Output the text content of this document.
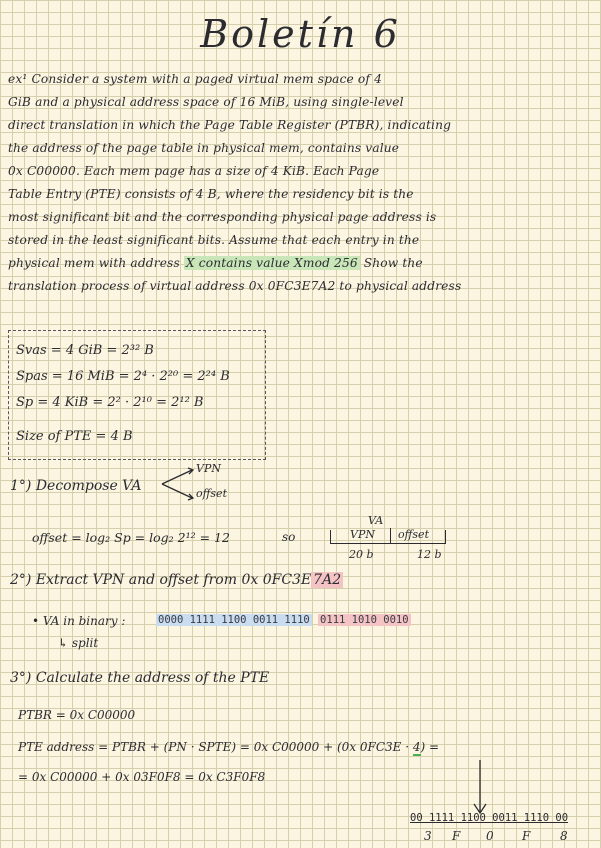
Boletín 6
ex¹ Consider a system with a paged virtual mem space of 4
GiB and a physical address space of 16 MiB, using single-level
direct translation in which the Page Table Register (PTBR), indicating
the address of the page table in physical mem, contains value
0x C00000. Each mem page has a size of 4 KiB. Each Page
Table Entry (PTE) consists of 4 B, where the residency bit is the
most significant bit and the corresponding physical page address is
stored in the least significant bits. Assume that each entry in the
physical mem with address X contains value Xmod 256 Show the
translation process of virtual address 0x 0FC3E7A2 to physical address
Svas = 4 GiB = 2³² B
Spas = 16 MiB = 2⁴ · 2²⁰ = 2²⁴ B
Sp = 4 KiB = 2² · 2¹⁰ = 2¹² B
Size of PTE = 4 B
1°) Decompose VA
VPN
offset
offset = log₂ Sp = log₂ 2¹² = 12	so
VA
VPN offset
20 b	12 b
2°) Extract VPN and offset from 0x 0FC3E 7A2
• VA in binary :	0000 1111 1100 0011 1110 0111 1010 0010
↳ split
3°) Calculate the address of the PTE
PTBR = 0x C00000
PTE address = PTBR + (PN · SPTE) = 0x C00000 + (0x 0FC3E · 4) =
= 0x C00000 + 0x 03F0F8 = 0x C3F0F8
00 1111 1100 0011 1110 00
3 F 0 F 8
